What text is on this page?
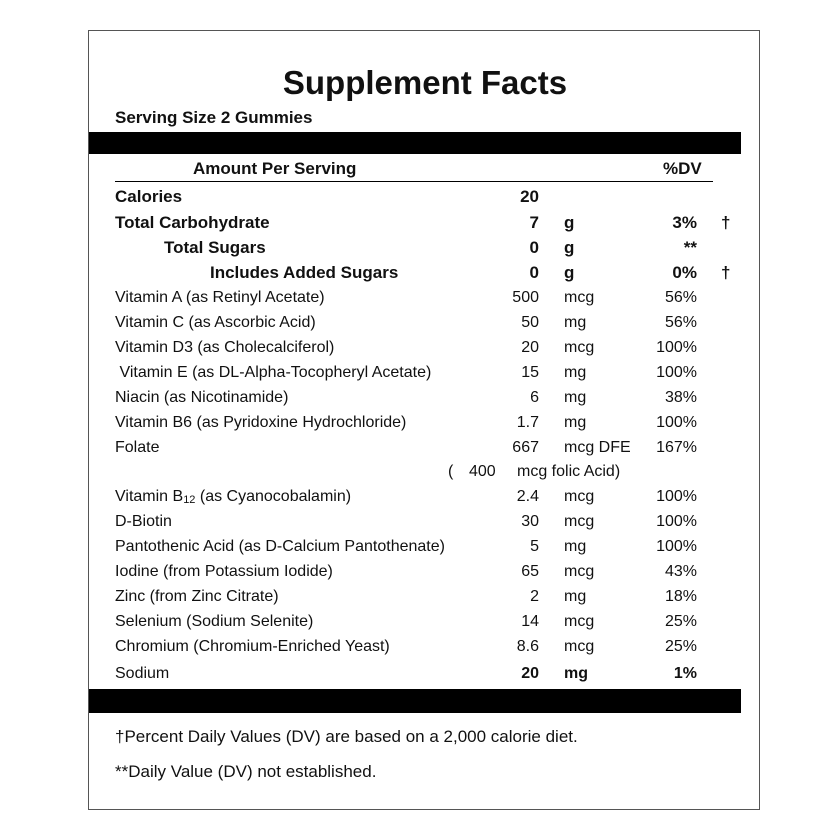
Supplement Facts
Serving Size 2 Gummies
Amount Per Serving	%DV
Calories	20
Total Carbohydrate	7 g	3% †
Total Sugars	0 g	**
Includes Added Sugars	0 g	0% †
Vitamin A (as Retinyl Acetate)	500 mcg	56%
Vitamin C (as Ascorbic Acid)	50 mg	56%
Vitamin D3 (as Cholecalciferol)	20 mcg	100%
Vitamin E (as DL-Alpha-Tocopheryl Acetate)	15 mg	100%
Niacin (as Nicotinamide)	6 mg	38%
Vitamin B6 (as Pyridoxine Hydrochloride)	1.7 mg	100%
Folate	667 mcg DFE 167%
( 400 mcg folic Acid)
Vitamin $B_{12}$ (as Cyanocobalamin)	2.4 mcg	100%
D-Biotin	30 mcg	100%
Pantothenic Acid (as D-Calcium Pantothenate)	5 mg	100%
Iodine (from Potassium Iodide)	65 mcg	43%
Zinc (from Zinc Citrate)	2 mg	18%
Selenium (Sodium Selenite)	14 mcg	25%
Chromium (Chromium-Enriched Yeast)	8.6 mcg	25%
Sodium	20 mg	1%
†Percent Daily Values (DV) are based on a 2,000 calorie diet.
**Daily Value (DV) not established.
